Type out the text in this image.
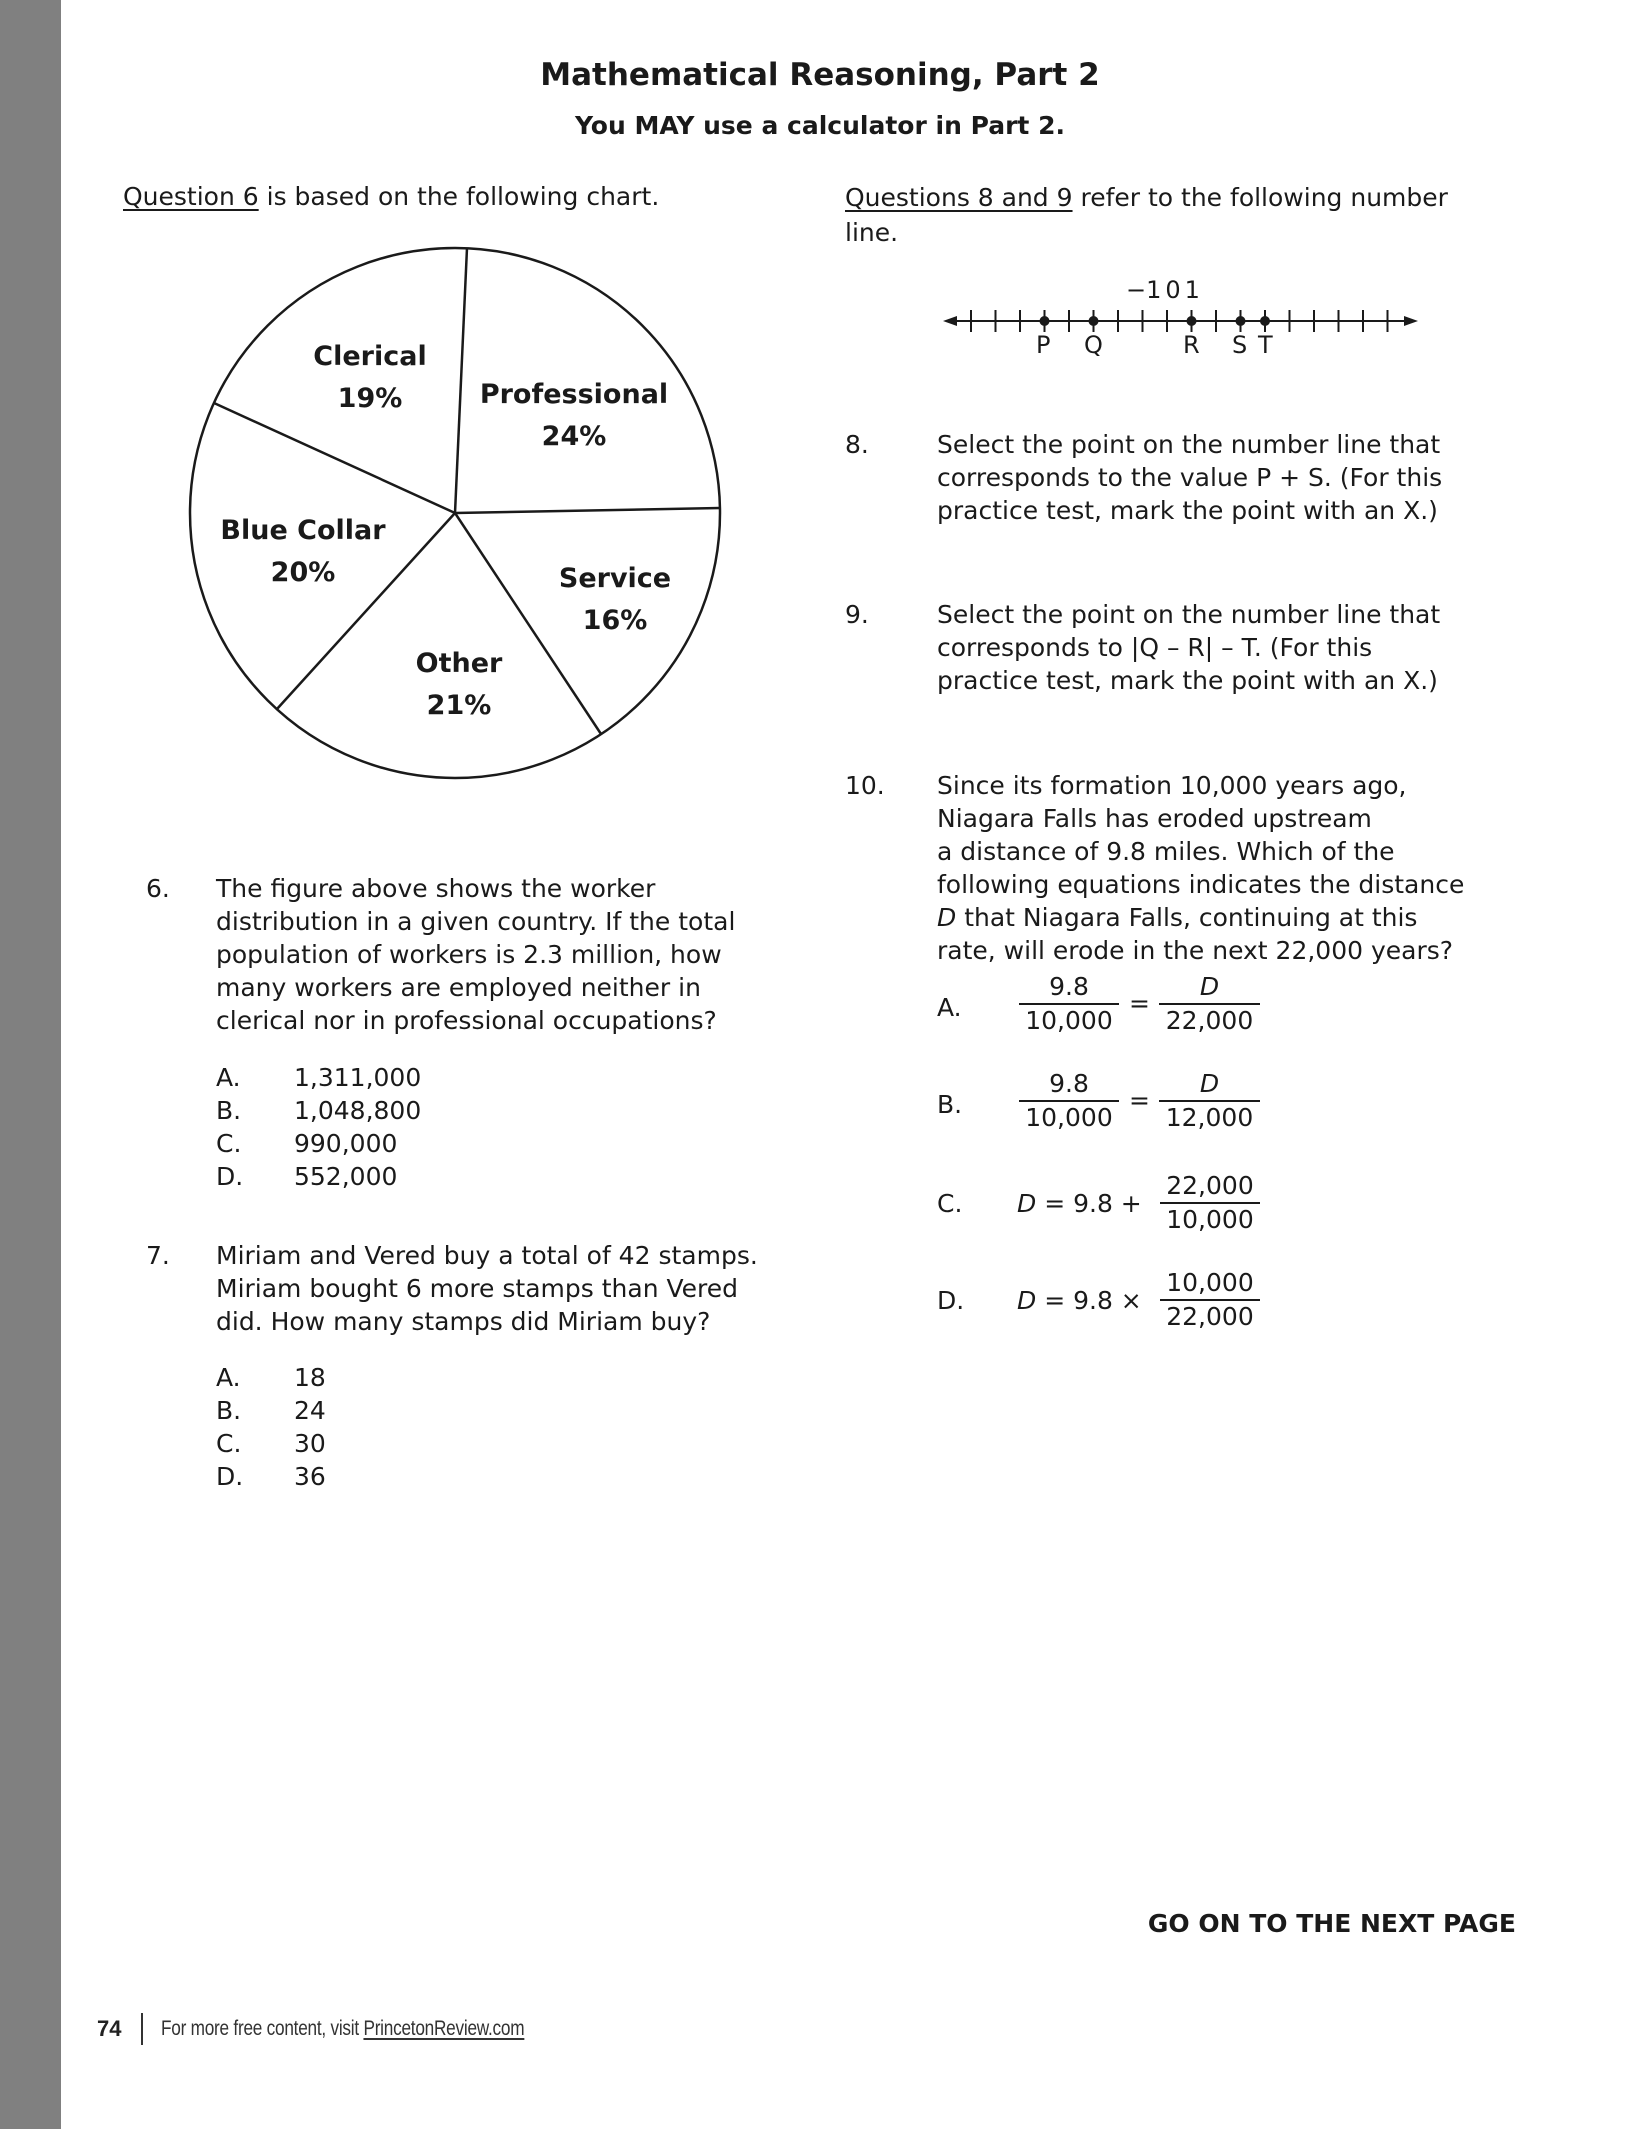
Mathematical Reasoning, Part 2
You MAY use a calculator in Part 2.
Question 6 is based on the following chart.
Clerical
19%	Professional
24%
Blue Collar
20%	Service
16%
Other
21%
6. The figure above shows the worker
distribution in a given country. If the total
population of workers is 2.3 million, how
many workers are employed neither in
clerical nor in professional occupations?
A. 1,311,000
B. 1,048,800
C. 990,000
D. 552,000
7. Miriam and Vered buy a total of 42 stamps.
Miriam bought 6 more stamps than Vered
did. How many stamps did Miriam buy?
A. 18
B. 24
C. 30
D. 36
Questions 8 and 9 refer to the following number
line.
−1 0 1
P Q	R S T
8.	Select the point on the number line that
corresponds to the value P + S. (For this
practice test, mark the point with an X.)
9.	Select the point on the number line that
corresponds to |Q – R| – T. (For this
practice test, mark the point with an X.)
10. Since its formation 10,000 years ago,
Niagara Falls has eroded upstream
a distance of 9.8 miles. Which of the
following equations indicates the distance
D that Niagara Falls, continuing at this
rate, will erode in the next 22,000 years?
A.
9.8
10,000
=
D
22,000
B.
9.8
10,000
=
D
12,000
C. D = 9.8 +
22,000
10,000
D. D = 9.8 ×
10,000
22,000
GO ON TO THE NEXT PAGE
74 For more free content, visit PrincetonReview.com
